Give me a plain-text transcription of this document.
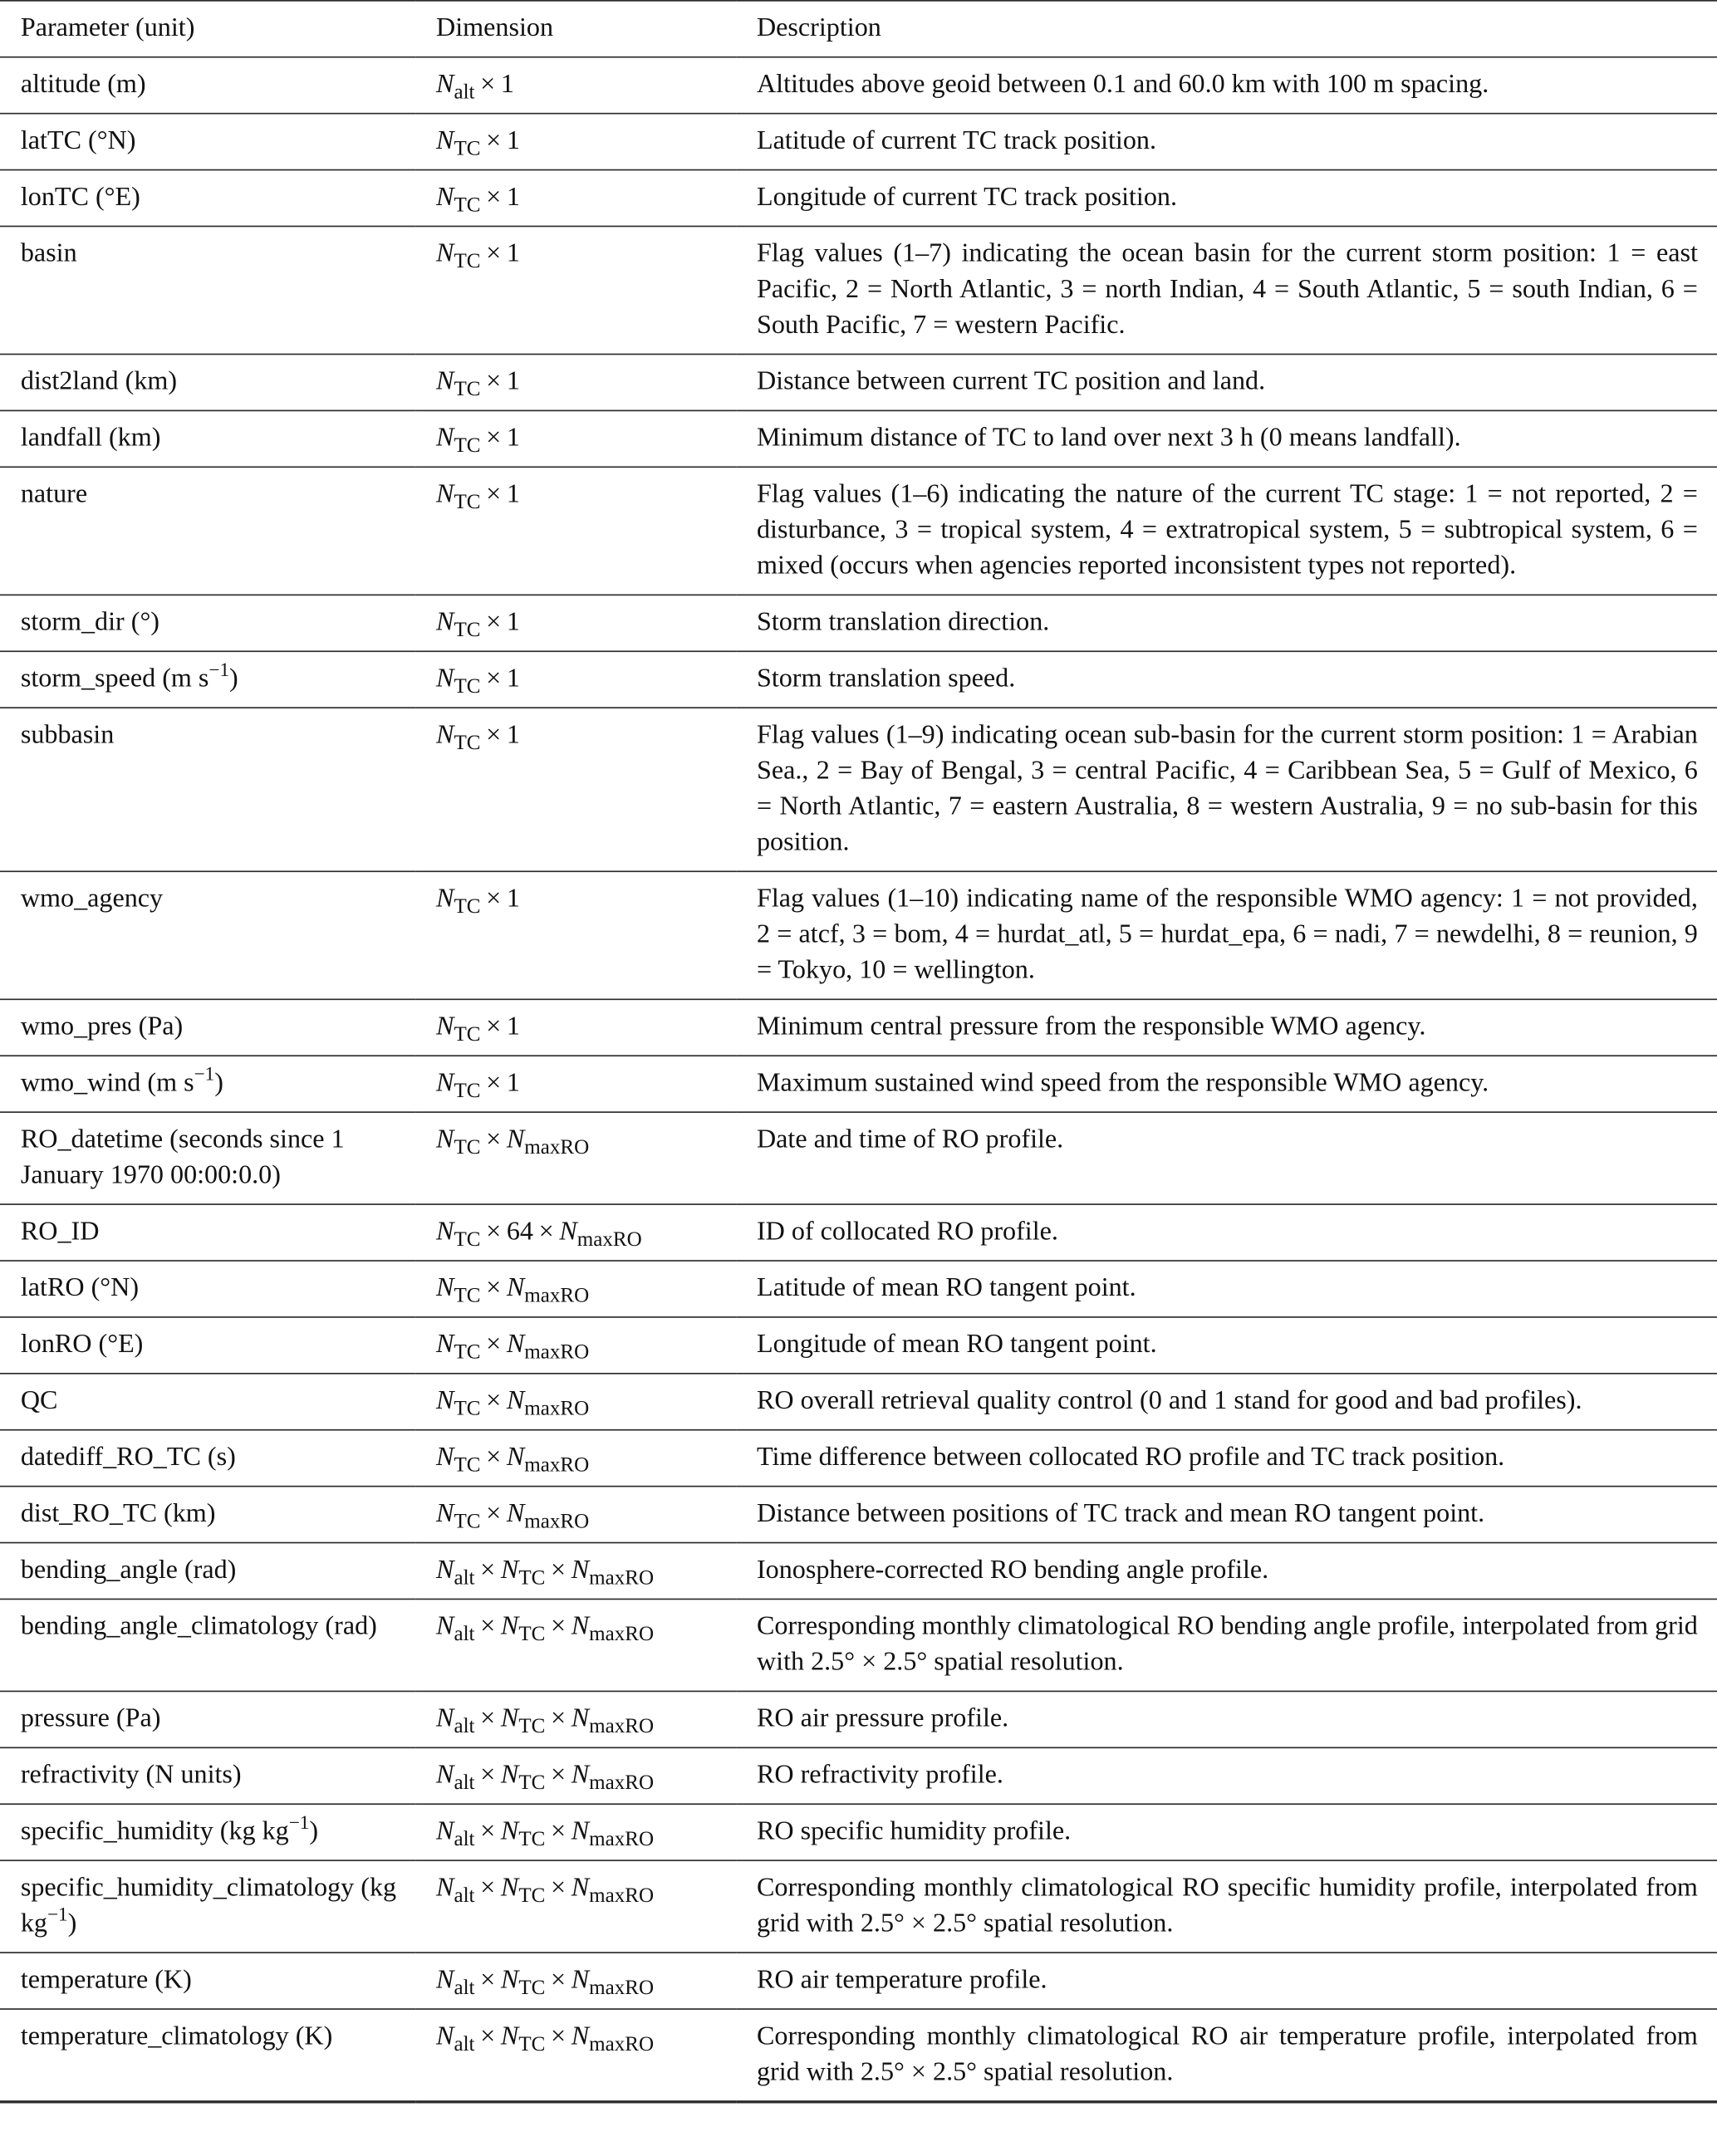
Parameter (unit)	Dimension	Description
altitude (m)	$N_{alt} \times 1$	Altitudes above geoid between 0.1 and 60.0 km with 100 m spacing.
latTC (°N)	$N_{TC} \times 1$	Latitude of current TC track position.
lonTC (°E)	$N_{TC} \times 1$	Longitude of current TC track position.
basin	$N_{TC} \times 1$	Flag values (1–7) indicating the ocean basin for the current storm position: 1 = east Pacific, 2 = North Atlantic, 3 = north Indian, 4 = South Atlantic, 5 = south Indian, 6 = South Pacific, 7 = western Pacific.
dist2land (km)	$N_{TC} \times 1$	Distance between current TC position and land.
landfall (km)	$N_{TC} \times 1$	Minimum distance of TC to land over next 3 h (0 means landfall).
nature	$N_{TC} \times 1$	Flag values (1–6) indicating the nature of the current TC stage: 1 = not reported, 2 = disturbance, 3 = tropical system, 4 = extratropical system, 5 = subtropical system, 6 = mixed (occurs when agencies reported inconsistent types not reported).
storm_dir (°)	$N_{TC} \times 1$	Storm translation direction.
storm_speed (m $s^{-1}$)	$N_{TC} \times 1$	Storm translation speed.
subbasin	$N_{TC} \times 1$	Flag values (1–9) indicating ocean sub-basin for the current storm position: 1 = Arabian Sea., 2 = Bay of Bengal, 3 = central Pacific, 4 = Caribbean Sea, 5 = Gulf of Mexico, 6 = North Atlantic, 7 = eastern Australia, 8 = western Australia, 9 = no sub-basin for this position.
wmo_agency	$N_{TC} \times 1$	Flag values (1–10) indicating name of the responsible WMO agency: 1 = not provided, 2 = atcf, 3 = bom, 4 = hurdat_atl, 5 = hurdat_epa, 6 = nadi, 7 = newdelhi, 8 = reunion, 9 = Tokyo, 10 = wellington.
wmo_pres (Pa)	$N_{TC} \times 1$	Minimum central pressure from the responsible WMO agency.
wmo_wind (m $s^{-1}$)	$N_{TC} \times 1$	Maximum sustained wind speed from the responsible WMO agency.
RO_datetime (seconds since 1 January 1970 00:00:0.0)	$N_{TC} \times N_{maxRO}$	Date and time of RO profile.
RO_ID	$N_{TC} \times 64 \times N_{maxRO}$	ID of collocated RO profile.
latRO (°N)	$N_{TC} \times N_{maxRO}$	Latitude of mean RO tangent point.
lonRO (°E)	$N_{TC} \times N_{maxRO}$	Longitude of mean RO tangent point.
QC	$N_{TC} \times N_{maxRO}$	RO overall retrieval quality control (0 and 1 stand for good and bad profiles).
datediff_RO_TC (s)	$N_{TC} \times N_{maxRO}$	Time difference between collocated RO profile and TC track position.
dist_RO_TC (km)	$N_{TC} \times N_{maxRO}$	Distance between positions of TC track and mean RO tangent point.
bending_angle (rad)	$N_{alt} \times N_{TC} \times N_{maxRO}$	Ionosphere-corrected RO bending angle profile.
bending_angle_climatology (rad)	$N_{alt} \times N_{TC} \times N_{maxRO}$	Corresponding monthly climatological RO bending angle profile, interpolated from grid with 2.5° × 2.5° spatial resolution.
pressure (Pa)	$N_{alt} \times N_{TC} \times N_{maxRO}$	RO air pressure profile.
refractivity (N units)	$N_{alt} \times N_{TC} \times N_{maxRO}$	RO refractivity profile.
specific_humidity (kg $kg^{-1}$)	$N_{alt} \times N_{TC} \times N_{maxRO}$	RO specific humidity profile.
specific_humidity_climatology (kg $kg^{-1}$)	$N_{alt} \times N_{TC} \times N_{maxRO}$	Corresponding monthly climatological RO specific humidity profile, interpolated from grid with 2.5° × 2.5° spatial resolution.
temperature (K)	$N_{alt} \times N_{TC} \times N_{maxRO}$	RO air temperature profile.
temperature_climatology (K)	$N_{alt} \times N_{TC} \times N_{maxRO}$	Corresponding monthly climatological RO air temperature profile, interpolated from grid with 2.5° × 2.5° spatial resolution.
